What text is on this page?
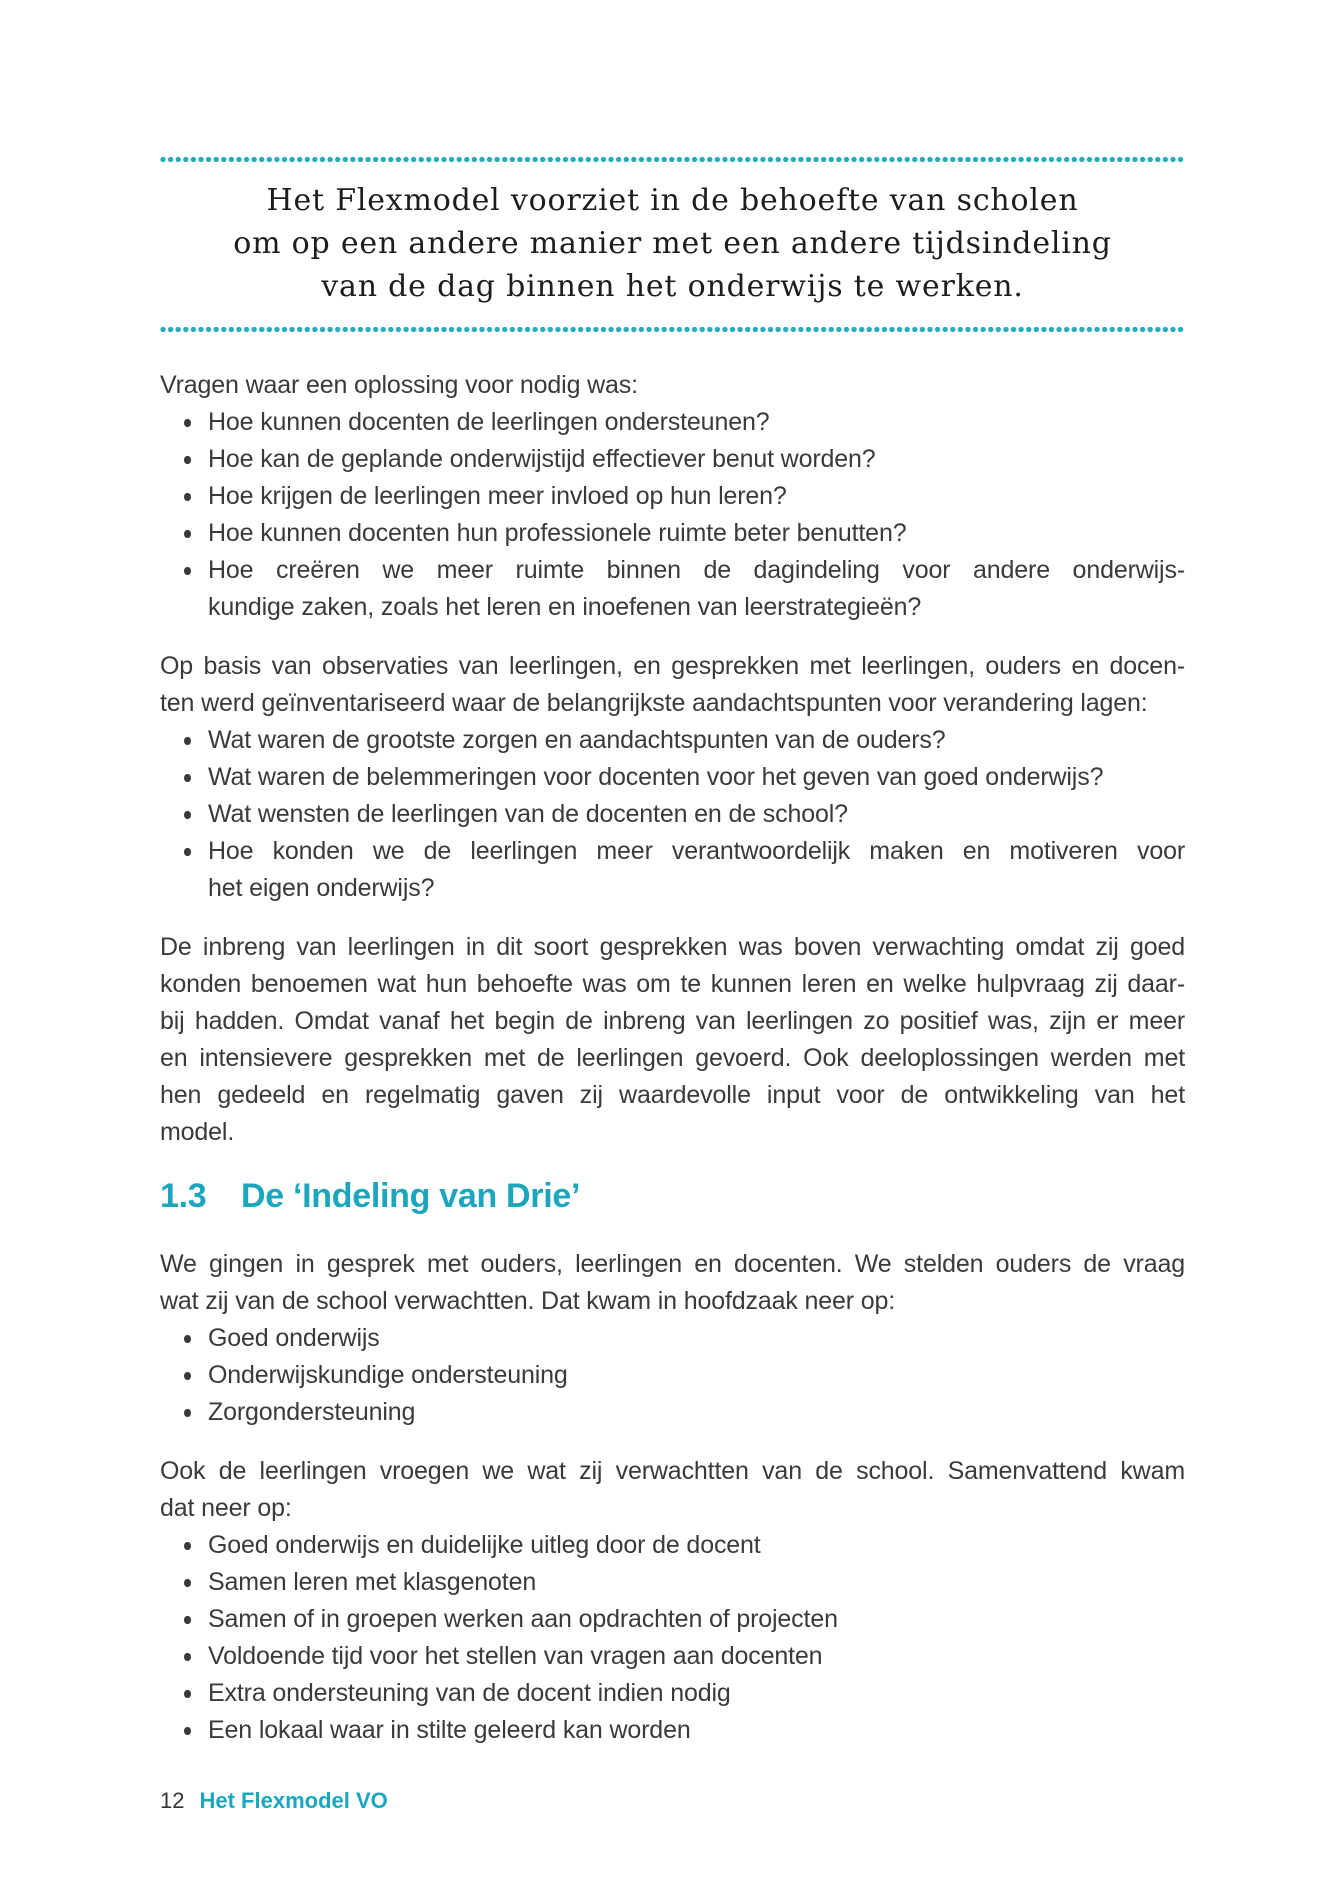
Het Flexmodel voorziet in de behoefte van scholen
om op een andere manier met een andere tijdsindeling
van de dag binnen het onderwijs te werken.
Vragen waar een oplossing voor nodig was:
Hoe kunnen docenten de leerlingen ondersteunen?
Hoe kan de geplande onderwijstijd effectiever benut worden?
Hoe krijgen de leerlingen meer invloed op hun leren?
Hoe kunnen docenten hun professionele ruimte beter benutten?
Hoe creëren we meer ruimte binnen de dagindeling voor andere onderwijs-
kundige zaken, zoals het leren en inoefenen van leerstrategieën?
Op basis van observaties van leerlingen, en gesprekken met leerlingen, ouders en docen-
ten werd geïnventariseerd waar de belangrijkste aandachtspunten voor verandering lagen:
Wat waren de grootste zorgen en aandachtspunten van de ouders?
Wat waren de belemmeringen voor docenten voor het geven van goed onderwijs?
Wat wensten de leerlingen van de docenten en de school?
Hoe konden we de leerlingen meer verantwoordelijk maken en motiveren voor
het eigen onderwijs?
De inbreng van leerlingen in dit soort gesprekken was boven verwachting omdat zij goed
konden benoemen wat hun behoefte was om te kunnen leren en welke hulpvraag zij daar-
bij hadden. Omdat vanaf het begin de inbreng van leerlingen zo positief was, zijn er meer
en intensievere gesprekken met de leerlingen gevoerd. Ook deeloplossingen werden met
hen gedeeld en regelmatig gaven zij waardevolle input voor de ontwikkeling van het
model.
1.3	De ‘Indeling van Drie’
We gingen in gesprek met ouders, leerlingen en docenten. We stelden ouders de vraag
wat zij van de school verwachtten. Dat kwam in hoofdzaak neer op:
Goed onderwijs
Onderwijskundige ondersteuning
Zorgondersteuning
Ook de leerlingen vroegen we wat zij verwachtten van de school. Samenvattend kwam
dat neer op:
Goed onderwijs en duidelijke uitleg door de docent
Samen leren met klasgenoten
Samen of in groepen werken aan opdrachten of projecten
Voldoende tijd voor het stellen van vragen aan docenten
Extra ondersteuning van de docent indien nodig
Een lokaal waar in stilte geleerd kan worden
12 Het Flexmodel VO
